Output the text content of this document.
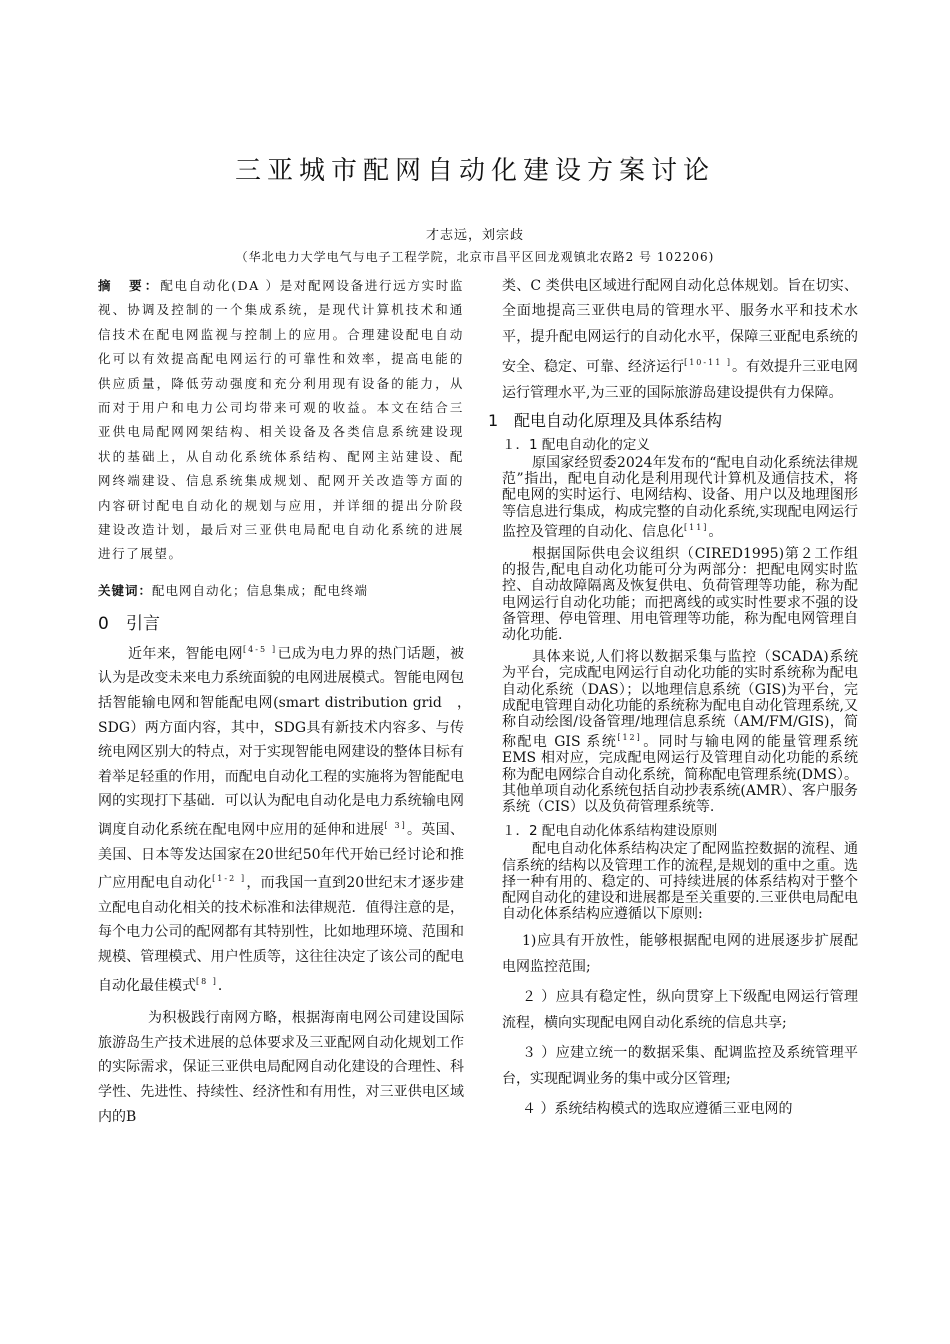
三亚城市配网自动化建设方案讨论
才志远，刘宗歧
（华北电力大学电气与电子工程学院，北京市昌平区回龙观镇北农路2 号 102206)

摘　要：配电自动化(DA ）是对配网设备进行远方实时监视、协调及控制的一个集成系统，是现代计算机技术和通信技术在配电网监视与控制上的应用。合理建设配电自动化可以有效提高配电网运行的可靠性和效率，提高电能的供应质量，降低劳动强度和充分利用现有设备的能力，从而对于用户和电力公司均带来可观的收益。本文在结合三亚供电局配网网架结构、相关设备及各类信息系统建设现状的基础上，从自动化系统体系结构、配网主站建设、配网终端建设、信息系统集成规划、配网开关改造等方面的内容研讨配电自动化的规划与应用，并详细的提出分阶段建设改造计划，最后对三亚供电局配电自动化系统的进展进行了展望。

关键词：配电网自动化；信息集成；配电终端

0 引言

近年来，智能电网[4-5 ]已成为电力界的热门话题，被认为是改变未来电力系统面貌的电网进展模式。智能电网包括智能输电网和智能配电网(smart distribution grid　，　SDG）两方面内容，其中，SDG具有新技术内容多、与传统电网区别大的特点，对于实现智能电网建设的整体目标有着举足轻重的作用，而配电自动化工程的实施将为智能配电网的实现打下基础．可以认为配电自动化是电力系统输电网调度自动化系统在配电网中应用的延伸和进展[ 3]。英国、美国、日本等发达国家在20世纪50年代开始已经讨论和推广应用配电自动化[1-2 ]，而我国一直到20世纪末才逐步建立配电自动化相关的技术标准和法律规范．值得注意的是，每个电力公司的配网都有其特别性，比如地理环境、范围和规模、管理模式、用户性质等，这往往决定了该公司的配电自动化最佳模式[8 ]．

为积极践行南网方略，根据海南电网公司建设国际旅游岛生产技术进展的总体要求及三亚配网自动化规划工作的实际需求，保证三亚供电局配网自动化建设的合理性、科学性、先进性、持续性、经济性和有用性，对三亚供电区域内的B

类、C 类供电区域进行配网自动化总体规划。旨在切实、全面地提高三亚供电局的管理水平、服务水平和技术水平，提升配电网运行的自动化水平，保障三亚配电系统的安全、稳定、可靠、经济运行[10-11 ]。有效提升三亚电网运行管理水平,为三亚的国际旅游岛建设提供有力保障。

1 配电自动化原理及具体系结构
１．1 配电自动化的定义

原国家经贸委2024年发布的“配电自动化系统法律规范”指出，配电自动化是利用现代计算机及通信技术，将配电网的实时运行、电网结构、设备、用户以及地理图形等信息进行集成，构成完整的自动化系统,实现配电网运行监控及管理的自动化、信息化[11]。

根据国际供电会议组织（CIRED1995)第２工作组的报告,配电自动化功能可分为两部分：把配电网实时监控、自动故障隔离及恢复供电、负荷管理等功能，称为配电网运行自动化功能；而把离线的或实时性要求不强的设备管理、停电管理、用电管理等功能，称为配电网管理自动化功能.

具体来说,人们将以数据采集与监控（SCADA)系统为平台，完成配电网运行自动化功能的实时系统称为配电自动化系统（DAS）；以地理信息系统（GIS)为平台，完成配电管理自动化功能的系统称为配电自动化管理系统,又称自动绘图/设备管理/地理信息系统（AM/FM/GIS)，简称配电 GIS 系统[12]。同时与输电网的能量管理系统 EMS 相对应，完成配电网运行及管理自动化功能的系统称为配电网综合自动化系统，简称配电管理系统(DMS）。其他单项自动化系统包括自动抄表系统(AMR）、客户服务系统（CIS）以及负荷管理系统等.

１．2 配电自动化体系结构建设原则

配电自动化体系结构决定了配网监控数据的流程、通信系统的结构以及管理工作的流程,是规划的重中之重。选择一种有用的、稳定的、可持续进展的体系结构对于整个配网自动化的建设和进展都是至关重要的.三亚供电局配电自动化体系结构应遵循以下原则:

1)应具有开放性，能够根据配电网的进展逐步扩展配电网监控范围;

２ ）应具有稳定性，纵向贯穿上下级配电网运行管理流程，横向实现配电网自动化系统的信息共享;

３ ）应建立统一的数据采集、配调监控及系统管理平台，实现配调业务的集中或分区管理;

４ ）系统结构模式的选取应遵循三亚电网的
